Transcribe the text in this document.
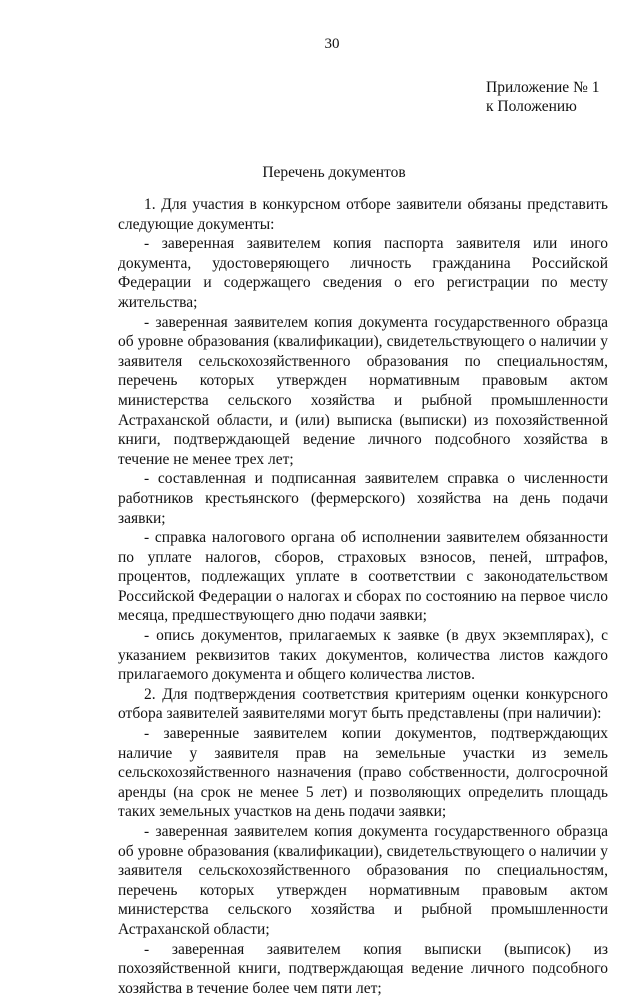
30
Приложение № 1
к Положению
Перечень документов

1. Для участия в конкурсном отборе заявители обязаны представить следующие документы:

- заверенная заявителем копия паспорта заявителя или иного документа, удостоверяющего личность гражданина Российской Федерации и содержащего сведения о его регистрации по месту жительства;

- заверенная заявителем копия документа государственного образца об уровне образования (квалификации), свидетельствующего о наличии у заявителя сельскохозяйственного образования по специальностям, перечень которых утвержден нормативным правовым актом министерства сельского хозяйства и рыбной промышленности Астраханской области, и (или) выписка (выписки) из похозяйственной книги, подтверждающей ведение личного подсобного хозяйства в течение не менее трех лет;

- составленная и подписанная заявителем справка о численности работников крестьянского (фермерского) хозяйства на день подачи заявки;

- справка налогового органа об исполнении заявителем обязанности по уплате налогов, сборов, страховых взносов, пеней, штрафов, процентов, подлежащих уплате в соответствии с законодательством Российской Федерации о налогах и сборах по состоянию на первое число месяца, предшествующего дню подачи заявки;

- опись документов, прилагаемых к заявке (в двух экземплярах), с указанием реквизитов таких документов, количества листов каждого прилагаемого документа и общего количества листов.

2. Для подтверждения соответствия критериям оценки конкурсного отбора заявителей заявителями могут быть представлены (при наличии):

- заверенные заявителем копии документов, подтверждающих наличие у заявителя прав на земельные участки из земель сельскохозяйственного назначения (право собственности, долгосрочной аренды (на срок не менее 5 лет) и позволяющих определить площадь таких земельных участков на день подачи заявки;

- заверенная заявителем копия документа государственного образца об уровне образования (квалификации), свидетельствующего о наличии у заявителя сельскохозяйственного образования по специальностям, перечень которых утвержден нормативным правовым актом министерства сельского хозяйства и рыбной промышленности Астраханской области;

- заверенная заявителем копия выписки (выписок) из похозяйственной книги, подтверждающая ведение личного подсобного хозяйства в течение более чем пяти лет;
